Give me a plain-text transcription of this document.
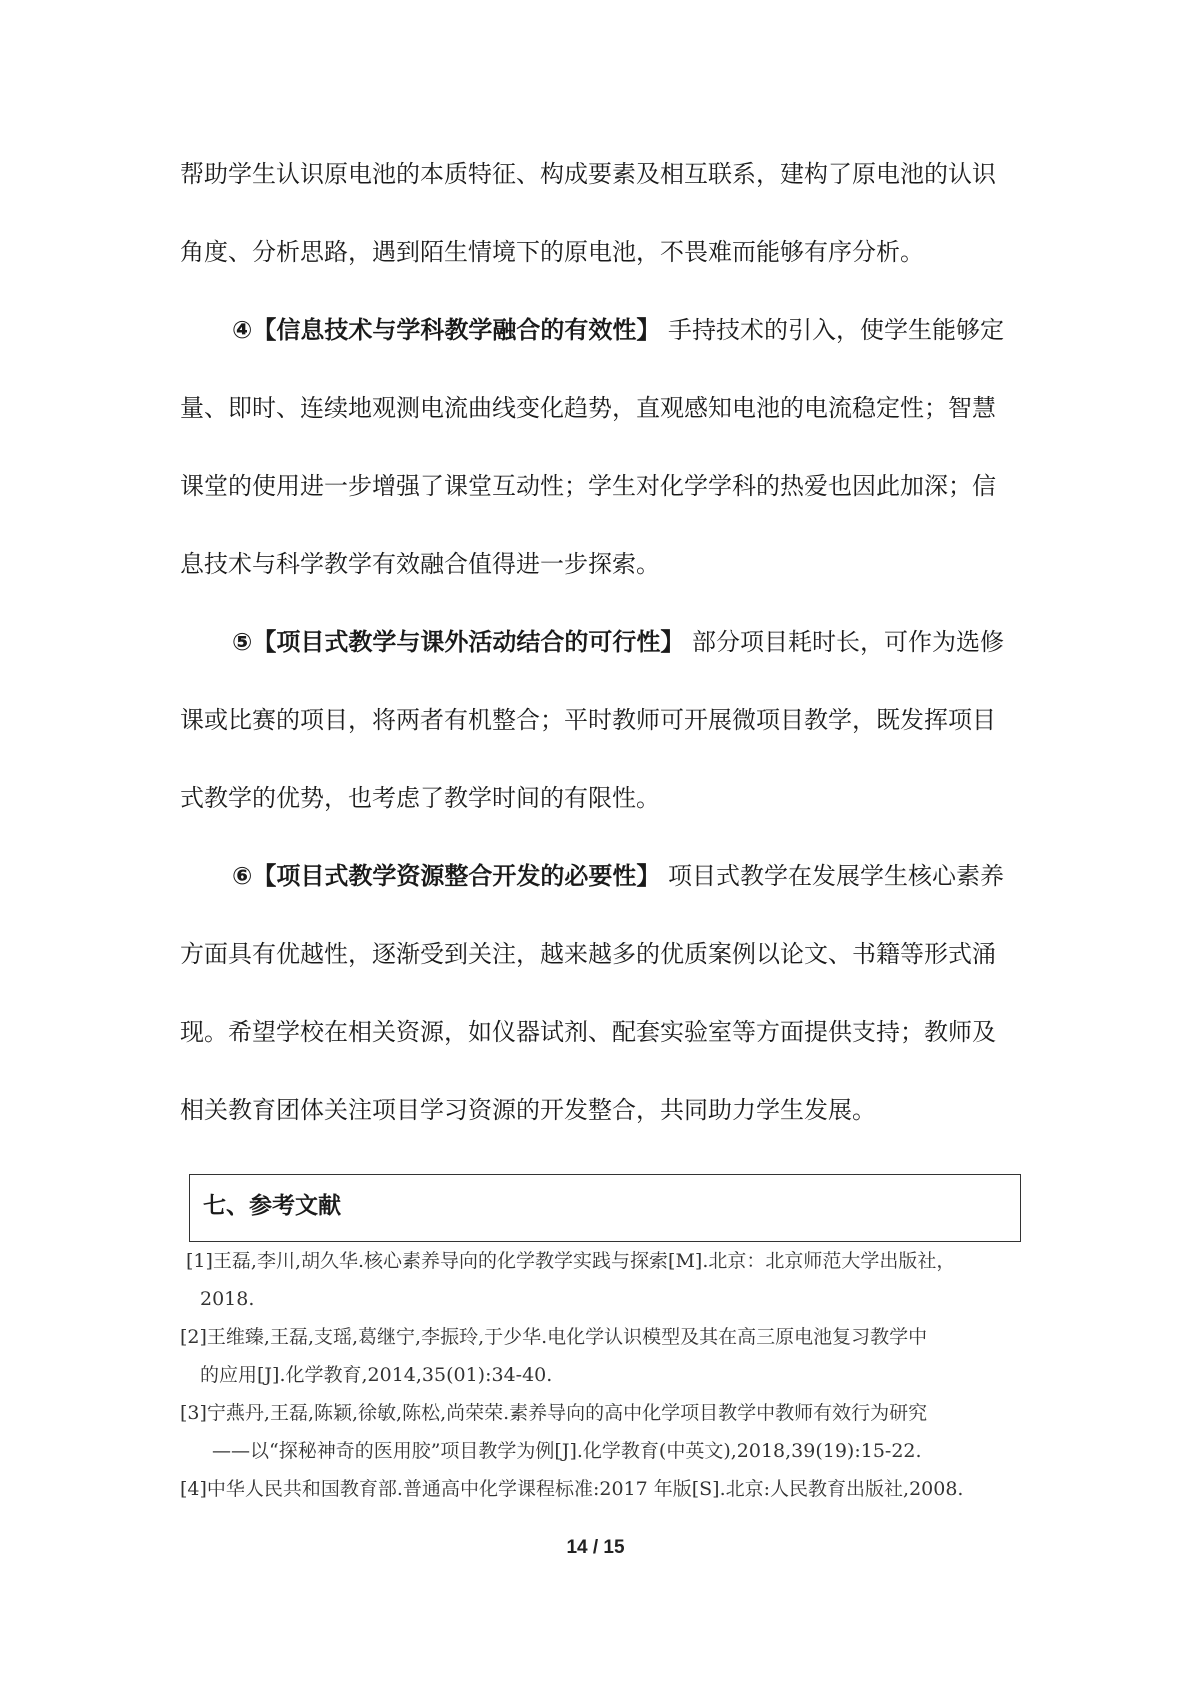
帮助学生认识原电池的本质特征、构成要素及相互联系，建构了原电池的认识
角度、分析思路，遇到陌生情境下的原电池，不畏难而能够有序分析。
④【信息技术与学科教学融合的有效性】 手持技术的引入，使学生能够定
量、即时、连续地观测电流曲线变化趋势，直观感知电池的电流稳定性；智慧
课堂的使用进一步增强了课堂互动性；学生对化学学科的热爱也因此加深；信
息技术与科学教学有效融合值得进一步探索。
⑤【项目式教学与课外活动结合的可行性】 部分项目耗时长，可作为选修
课或比赛的项目，将两者有机整合；平时教师可开展微项目教学，既发挥项目
式教学的优势，也考虑了教学时间的有限性。
⑥【项目式教学资源整合开发的必要性】 项目式教学在发展学生核心素养
方面具有优越性，逐渐受到关注，越来越多的优质案例以论文、书籍等形式涌
现。希望学校在相关资源，如仪器试剂、配套实验室等方面提供支持；教师及
相关教育团体关注项目学习资源的开发整合，共同助力学生发展。
七、参考文献
[1]王磊,李川,胡久华.核心素养导向的化学教学实践与探索[M].北京：北京师范大学出版社，
2018.
[2]王维臻,王磊,支瑶,葛继宁,李振玲,于少华.电化学认识模型及其在高三原电池复习教学中
的应用[J].化学教育,2014,35(01):34-40.
[3]宁燕丹,王磊,陈颖,徐敏,陈松,尚荣荣.素养导向的高中化学项目教学中教师有效行为研究
——以“探秘神奇的医用胶”项目教学为例[J].化学教育(中英文),2018,39(19):15-22.
[4]中华人民共和国教育部.普通高中化学课程标准:2017 年版[S].北京:人民教育出版社,2008.
14 / 15
